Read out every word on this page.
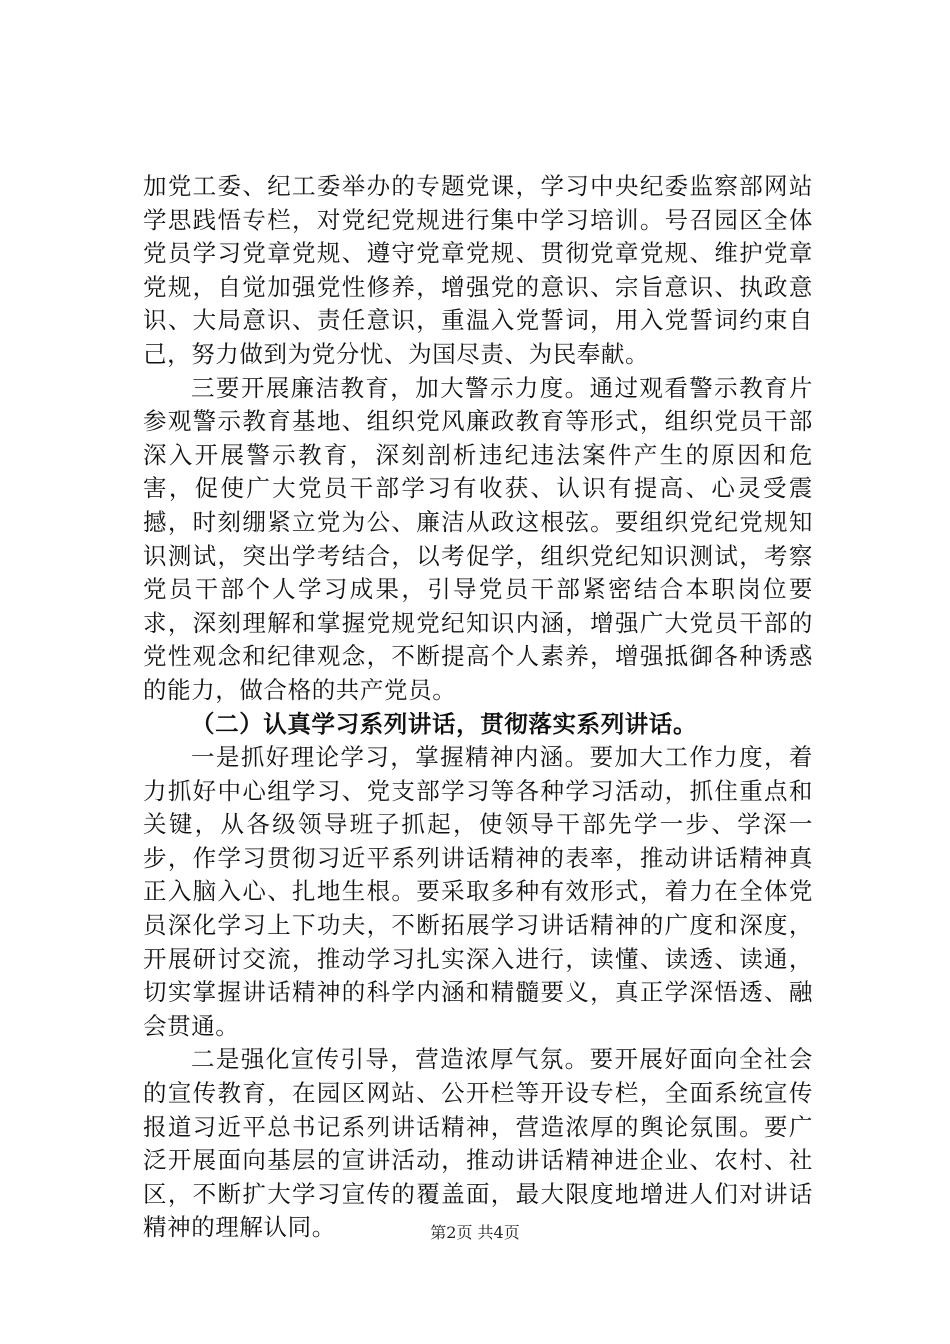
加党工委、纪工委举办的专题党课，学习中央纪委监察部网站学思践悟专栏，对党纪党规进行集中学习培训。号召园区全体党员学习党章党规、遵守党章党规、贯彻党章党规、维护党章党规，自觉加强党性修养，增强党的意识、宗旨意识、执政意识、大局意识、责任意识，重温入党誓词，用入党誓词约束自己，努力做到为党分忧、为国尽责、为民奉献。

三要开展廉洁教育，加大警示力度。通过观看警示教育片参观警示教育基地、组织党风廉政教育等形式，组织党员干部深入开展警示教育，深刻剖析违纪违法案件产生的原因和危害，促使广大党员干部学习有收获、认识有提高、心灵受震撼，时刻绷紧立党为公、廉洁从政这根弦。要组织党纪党规知识测试，突出学考结合，以考促学，组织党纪知识测试，考察党员干部个人学习成果，引导党员干部紧密结合本职岗位要求，深刻理解和掌握党规党纪知识内涵，增强广大党员干部的党性观念和纪律观念，不断提高个人素养，增强抵御各种诱惑的能力，做合格的共产党员。

（二）认真学习系列讲话，贯彻落实系列讲话。

一是抓好理论学习，掌握精神内涵。要加大工作力度，着力抓好中心组学习、党支部学习等各种学习活动，抓住重点和关键，从各级领导班子抓起，使领导干部先学一步、学深一步，作学习贯彻习近平系列讲话精神的表率，推动讲话精神真正入脑入心、扎地生根。要采取多种有效形式，着力在全体党员深化学习上下功夫，不断拓展学习讲话精神的广度和深度，开展研讨交流，推动学习扎实深入进行，读懂、读透、读通，切实掌握讲话精神的科学内涵和精髓要义，真正学深悟透、融会贯通。

二是强化宣传引导，营造浓厚气氛。要开展好面向全社会的宣传教育，在园区网站、公开栏等开设专栏，全面系统宣传报道习近平总书记系列讲话精神，营造浓厚的舆论氛围。要广泛开展面向基层的宣讲活动，推动讲话精神进企业、农村、社区，不断扩大学习宣传的覆盖面，最大限度地增进人们对讲话精神的理解认同。	第2页 共4页
